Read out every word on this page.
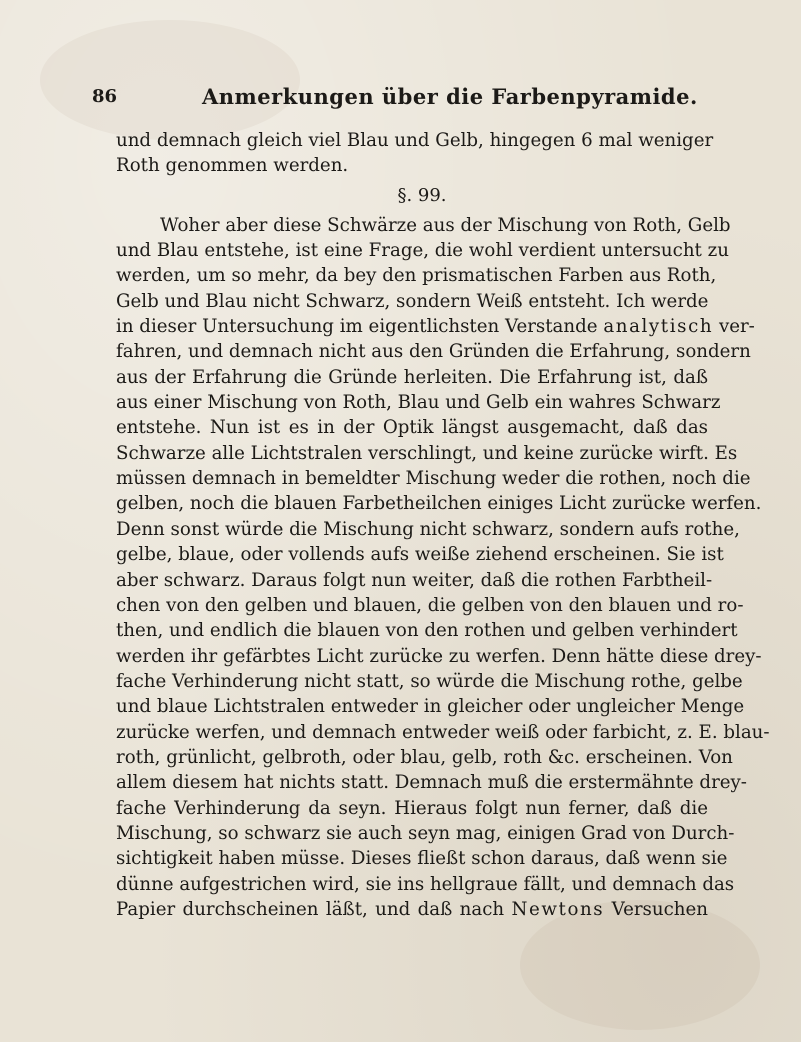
86	Anmerkungen über die Farbenpyramide.
und demnach gleich viel Blau und Gelb, hingegen 6 mal weniger
Roth genommen werden.
§. 99.
Woher aber diese Schwärze aus der Mischung von Roth, Gelb
und Blau entstehe, ist eine Frage, die wohl verdient untersucht zu
werden, um so mehr, da bey den prismatischen Farben aus Roth,
Gelb und Blau nicht Schwarz, sondern Weiß entsteht. Ich werde
in dieser Untersuchung im eigentlichsten Verstande analytisch ver-
fahren, und demnach nicht aus den Gründen die Erfahrung, sondern
aus der Erfahrung die Gründe herleiten. Die Erfahrung ist, daß
aus einer Mischung von Roth, Blau und Gelb ein wahres Schwarz
entstehe. Nun ist es in der Optik längst ausgemacht, daß das
Schwarze alle Lichtstralen verschlingt, und keine zurücke wirft. Es
müssen demnach in bemeldter Mischung weder die rothen, noch die
gelben, noch die blauen Farbetheilchen einiges Licht zurücke werfen.
Denn sonst würde die Mischung nicht schwarz, sondern aufs rothe,
gelbe, blaue, oder vollends aufs weiße ziehend erscheinen. Sie ist
aber schwarz. Daraus folgt nun weiter, daß die rothen Farbtheil-
chen von den gelben und blauen, die gelben von den blauen und ro-
then, und endlich die blauen von den rothen und gelben verhindert
werden ihr gefärbtes Licht zurücke zu werfen. Denn hätte diese drey-
fache Verhinderung nicht statt, so würde die Mischung rothe, gelbe
und blaue Lichtstralen entweder in gleicher oder ungleicher Menge
zurücke werfen, und demnach entweder weiß oder farbicht, z. E. blau-
roth, grünlicht, gelbroth, oder blau, gelb, roth &c. erscheinen. Von
allem diesem hat nichts statt. Demnach muß die erstermähnte drey-
fache Verhinderung da seyn. Hieraus folgt nun ferner, daß die
Mischung, so schwarz sie auch seyn mag, einigen Grad von Durch-
sichtigkeit haben müsse. Dieses fließt schon daraus, daß wenn sie
dünne aufgestrichen wird, sie ins hellgraue fällt, und demnach das
Papier durchscheinen läßt, und daß nach Newtons Versuchen
